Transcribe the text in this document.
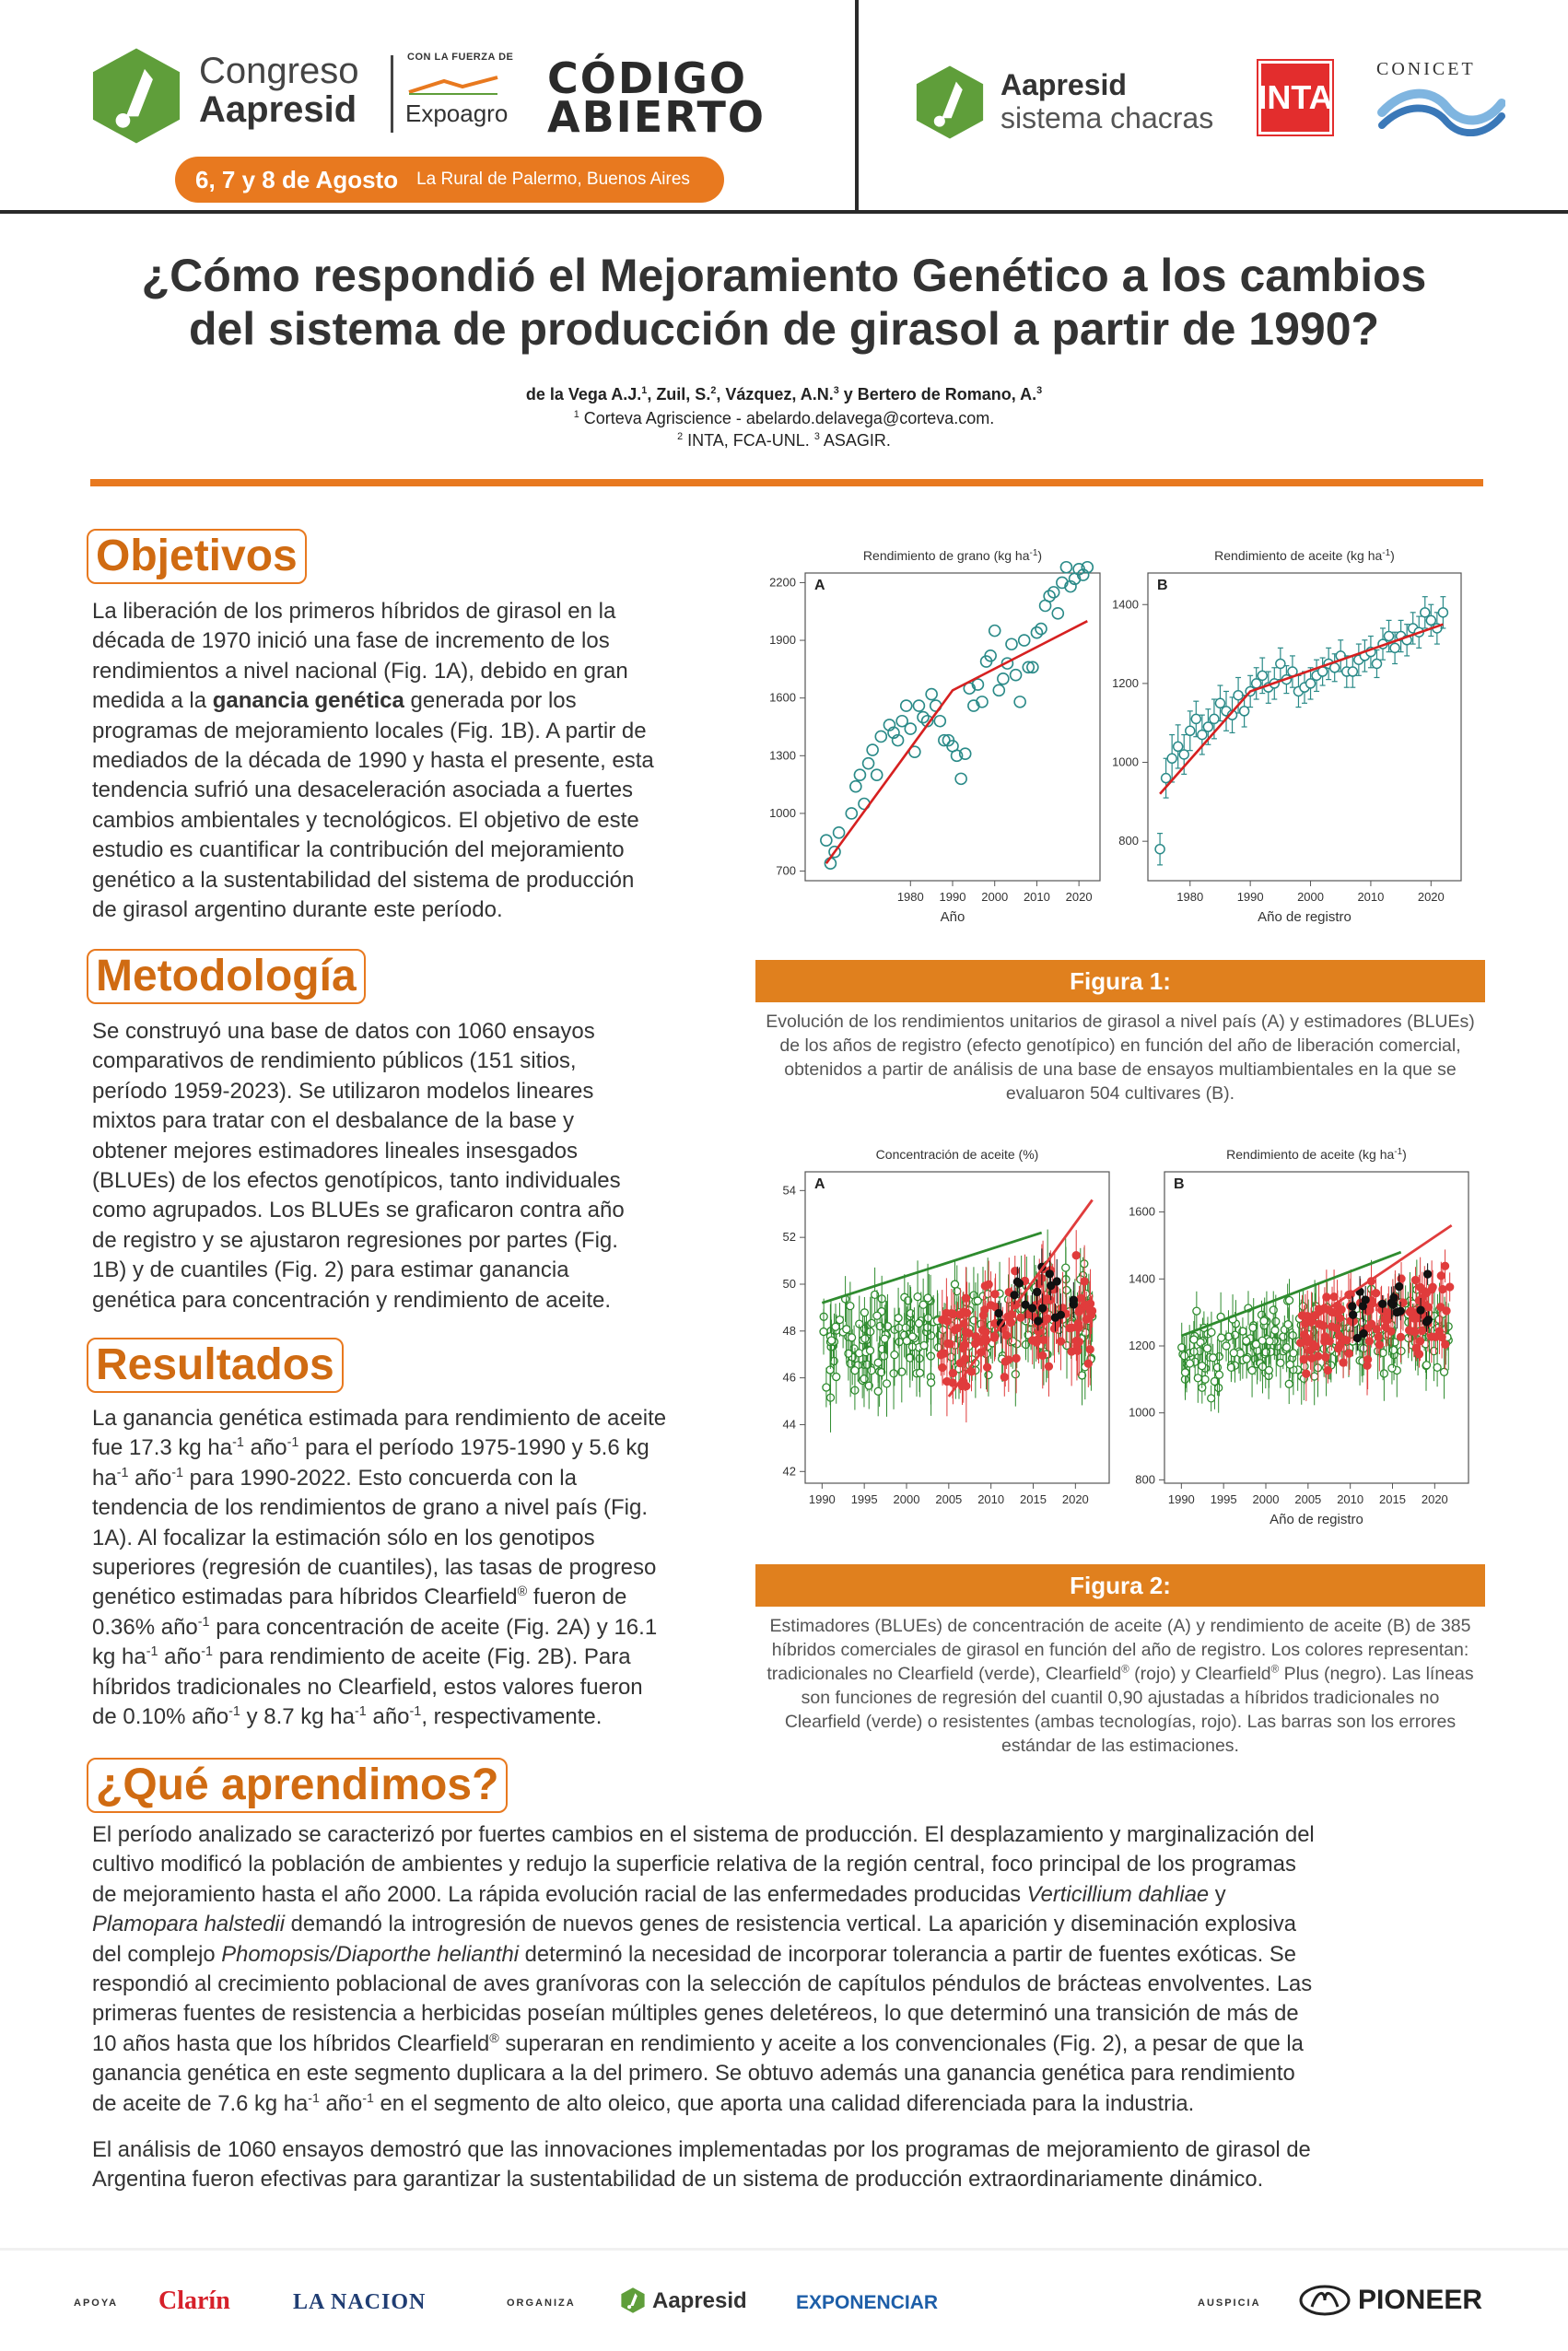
Congreso
Aapresid
CON LA FUERZA DE
Expoagro
CÓDIGO
ABIERTO
6, 7 y 8 de Agosto La Rural de Palermo, Buenos Aires
Aapresid
sistema chacras
INTA
CONICET
¿Cómo respondió el Mejoramiento Genético a los cambios
del sistema de producción de girasol a partir de 1990?
de la Vega A.J.$^1$, Zuil, S.$^2$, Vázquez, A.N.$^3$ y Bertero de Romano, A.$^3$
$^1$ Corteva Agriscience - abelardo.delavega@corteva.com.
$^2$ INTA, FCA-UNL. $^3$ ASAGIR.
Objetivos
La liberación de los primeros híbridos de girasol en la
década de 1970 inició una fase de incremento de los
rendimientos a nivel nacional (Fig. 1A), debido en gran
medida a la ganancia genética generada por los
programas de mejoramiento locales (Fig. 1B). A partir de
mediados de la década de 1990 y hasta el presente, esta
tendencia sufrió una desaceleración asociada a fuertes
cambios ambientales y tecnológicos. El objetivo de este
estudio es cuantificar la contribución del mejoramiento
genético a la sustentabilidad del sistema de producción
de girasol argentino durante este período.
Metodología
Se construyó una base de datos con 1060 ensayos
comparativos de rendimiento públicos (151 sitios,
período 1959-2023). Se utilizaron modelos lineares
mixtos para tratar con el desbalance de la base y
obtener mejores estimadores lineales insesgados
(BLUEs) de los efectos genotípicos, tanto individuales
como agrupados. Los BLUEs se graficaron contra año
de registro y se ajustaron regresiones por partes (Fig.
1B) y de cuantiles (Fig. 2) para estimar ganancia
genética para concentración y rendimiento de aceite.
Resultados
La ganancia genética estimada para rendimiento de aceite
fue 17.3 kg $ha^{-1}$ año$^{-1}$ para el período 1975-1990 y 5.6 kg
$ha^{-1}$ año$^{-1}$ para 1990-2022. Esto concuerda con la
tendencia de los rendimientos de grano a nivel país (Fig.
1A). Al focalizar la estimación sólo en los genotipos
superiores (regresión de cuantiles), las tasas de progreso
genético estimadas para híbridos Clearfield® fueron de
0.36% año$^{-1}$ para concentración de aceite (Fig. 2A) y 16.1
kg $ha^{-1}$ año$^{-1}$ para rendimiento de aceite (Fig. 2B). Para
híbridos tradicionales no Clearfield, estos valores fueron
de 0.10% año$^{-1}$ y 8.7 kg $ha^{-1}$ año$^{-1}$, respectivamente.
1980 1990 2000 2010 2020
700
1000
1300
1600
1900
2200 A
Rendimiento de grano (kg $ha^{-1}$)
Año
1980	1990	2000	2010	2020
800
1000
1200
1400
B
Rendimiento de aceite (kg $ha^{-1}$)
Año de registro
Figura 1:
Evolución de los rendimientos unitarios de girasol a nivel país (A) y estimadores (BLUEs) de los años de registro (efecto genotípico) en función del año de liberación comercial, obtenidos a partir de análisis de una base de ensayos multiambientales en la que se evaluaron 504 cultivares (B).
1990 1995 2000 2005 2010 2015 2020
42
44
46
48
50
52
54 A
Concentración de aceite (%)
1990 1995 2000 2005 2010 2015 2020
800
1000
1200
1400
1600
B
Rendimiento de aceite (kg $ha^{-1}$)
Año de registro
Figura 2:
Estimadores (BLUEs) de concentración de aceite (A) y rendimiento de aceite (B) de 385 híbridos comerciales de girasol en función del año de registro. Los colores representan: tradicionales no Clearfield (verde), Clearfield® (rojo) y Clearfield® Plus (negro). Las líneas son funciones de regresión del cuantil 0,90 ajustadas a híbridos tradicionales no Clearfield (verde) o resistentes (ambas tecnologías, rojo). Las barras son los errores estándar de las estimaciones.
¿Qué aprendimos?
El período analizado se caracterizó por fuertes cambios en el sistema de producción. El desplazamiento y marginalización del
cultivo modificó la población de ambientes y redujo la superficie relativa de la región central, foco principal de los programas
de mejoramiento hasta el año 2000. La rápida evolución racial de las enfermedades producidas Verticillium dahliae y
Plamopara halstedii demandó la introgresión de nuevos genes de resistencia vertical. La aparición y diseminación explosiva
del complejo Phomopsis/Diaporthe helianthi determinó la necesidad de incorporar tolerancia a partir de fuentes exóticas. Se
respondió al crecimiento poblacional de aves granívoras con la selección de capítulos péndulos de brácteas envolventes. Las
primeras fuentes de resistencia a herbicidas poseían múltiples genes deletéreos, lo que determinó una transición de más de
10 años hasta que los híbridos Clearfield® superaran en rendimiento y aceite a los convencionales (Fig. 2), a pesar de que la
ganancia genética en este segmento duplicara a la del primero. Se obtuvo además una ganancia genética para rendimiento
de aceite de 7.6 kg $ha^{-1}$ año$^{-1}$ en el segmento de alto oleico, que aporta una calidad diferenciada para la industria.
El análisis de 1060 ensayos demostró que las innovaciones implementadas por los programas de mejoramiento de girasol de
Argentina fueron efectivas para garantizar la sustentabilidad de un sistema de producción extraordinariamente dinámico.
APOYA Clarín	LA NACION	ORGANIZA	Aapresid	EXPONENCIAR	AUSPICIA	PIONEER
